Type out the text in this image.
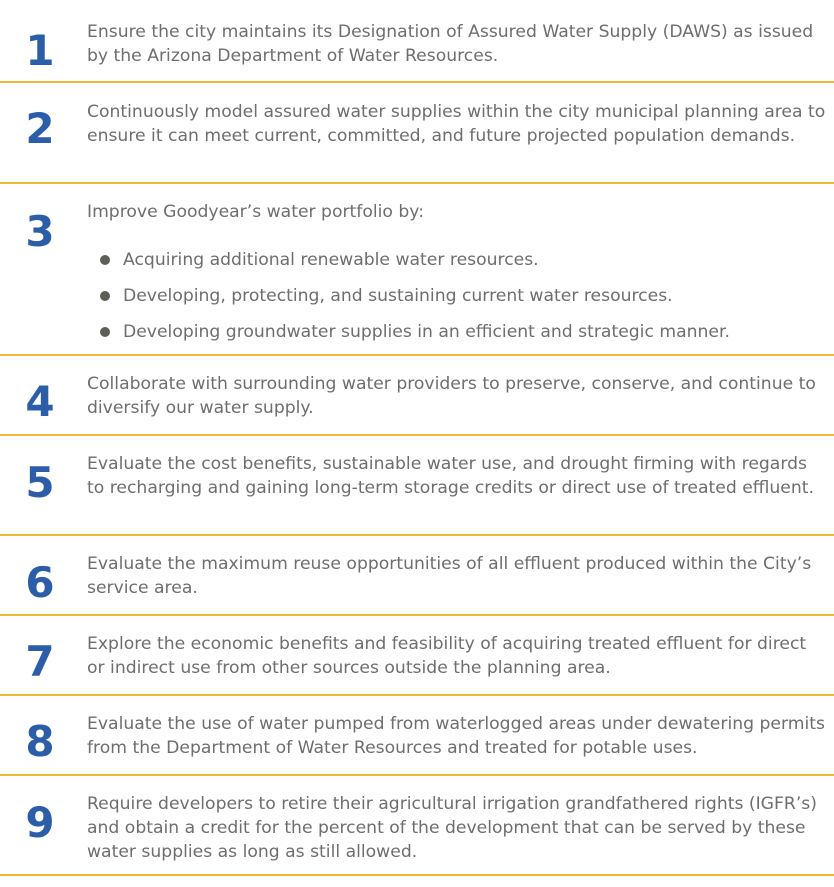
1 Ensure the city maintains its Designation of Assured Water Supply (DAWS) as issued by the Arizona Department of Water Resources.
2 Continuously model assured water supplies within the city municipal planning area to ensure it can meet current, committed, and future projected population demands.
3 Improve Goodyear’s water portfolio by:
Acquiring additional renewable water resources.
Developing, protecting, and sustaining current water resources.
Developing groundwater supplies in an efficient and strategic manner.
4 Collaborate with surrounding water providers to preserve, conserve, and continue to diversify our water supply.
5 Evaluate the cost benefits, sustainable water use, and drought firming with regards to recharging and gaining long-term storage credits or direct use of treated effluent.
6 Evaluate the maximum reuse opportunities of all effluent produced within the City’s service area.
7 Explore the economic benefits and feasibility of acquiring treated effluent for direct or indirect use from other sources outside the planning area.
8 Evaluate the use of water pumped from waterlogged areas under dewatering permits from the Department of Water Resources and treated for potable uses.
9 Require developers to retire their agricultural irrigation grandfathered rights (IGFR’s) and obtain a credit for the percent of the development that can be served by these water supplies as long as still allowed.
